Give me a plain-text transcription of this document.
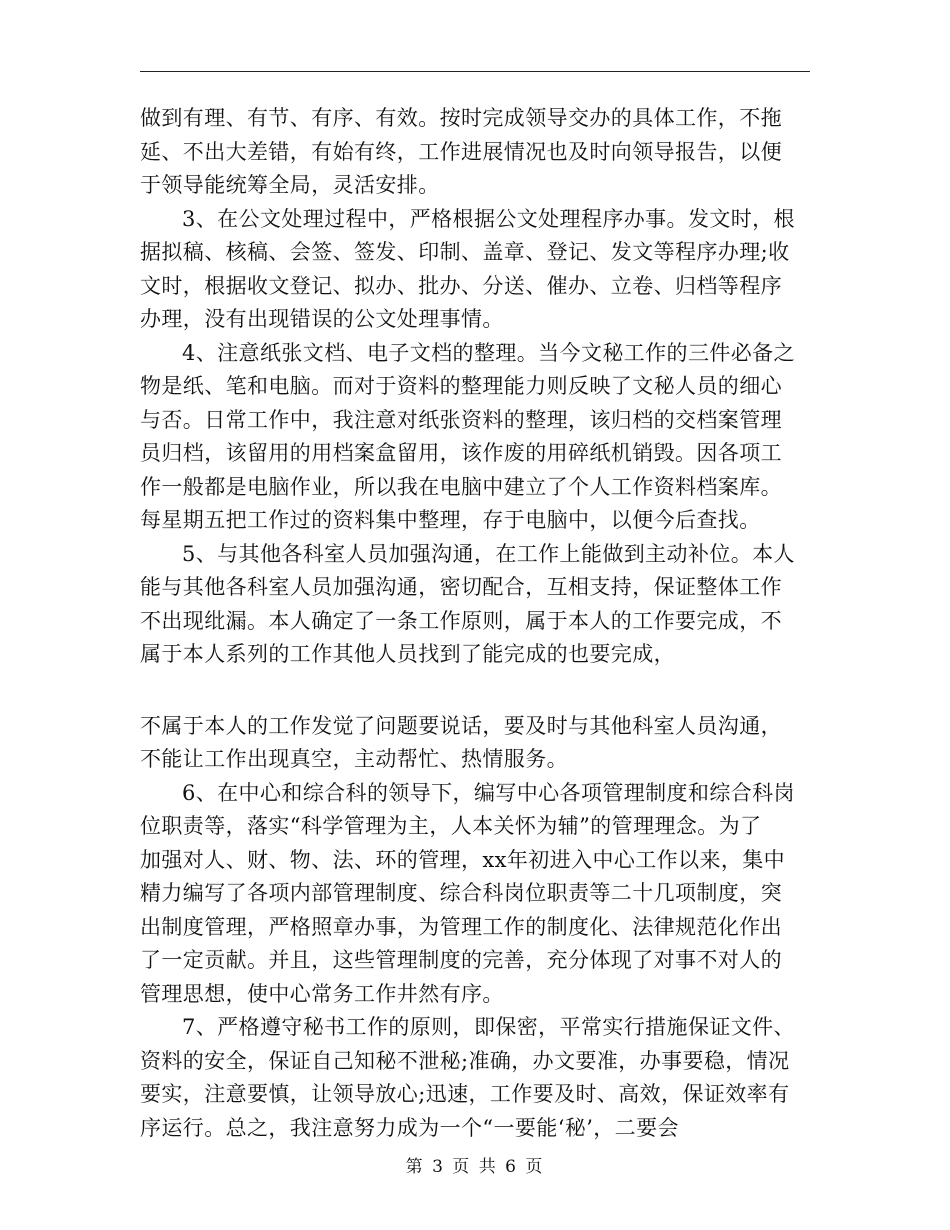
做到有理、有节、有序、有效。按时完成领导交办的具体工作，不拖
延、不出大差错，有始有终，工作进展情况也及时向领导报告，以便
于领导能统筹全局，灵活安排。
3、在公文处理过程中，严格根据公文处理程序办事。发文时，根
据拟稿、核稿、会签、签发、印制、盖章、登记、发文等程序办理;收
文时，根据收文登记、拟办、批办、分送、催办、立卷、归档等程序
办理，没有出现错误的公文处理事情。
4、注意纸张文档、电子文档的整理。当今文秘工作的三件必备之
物是纸、笔和电脑。而对于资料的整理能力则反映了文秘人员的细心
与否。日常工作中，我注意对纸张资料的整理，该归档的交档案管理
员归档，该留用的用档案盒留用，该作废的用碎纸机销毁。因各项工
作一般都是电脑作业，所以我在电脑中建立了个人工作资料档案库。
每星期五把工作过的资料集中整理，存于电脑中，以便今后查找。
5、与其他各科室人员加强沟通，在工作上能做到主动补位。本人
能与其他各科室人员加强沟通，密切配合，互相支持，保证整体工作
不出现纰漏。本人确定了一条工作原则，属于本人的工作要完成，不
属于本人系列的工作其他人员找到了能完成的也要完成，
不属于本人的工作发觉了问题要说话，要及时与其他科室人员沟通，
不能让工作出现真空，主动帮忙、热情服务。
6、在中心和综合科的领导下，编写中心各项管理制度和综合科岗
位职责等，落实“科学管理为主，人本关怀为辅”的管理理念。为了
加强对人、财、物、法、环的管理，xx年初进入中心工作以来，集中
精力编写了各项内部管理制度、综合科岗位职责等二十几项制度，突
出制度管理，严格照章办事，为管理工作的制度化、法律规范化作出
了一定贡献。并且，这些管理制度的完善，充分体现了对事不对人的
管理思想，使中心常务工作井然有序。
7、严格遵守秘书工作的原则，即保密，平常实行措施保证文件、
资料的安全，保证自己知秘不泄秘;准确，办文要准，办事要稳，情况
要实，注意要慎，让领导放心;迅速，工作要及时、高效，保证效率有
序运行。总之，我注意努力成为一个“一要能‘秘’，二要会
第 3 页 共 6 页
